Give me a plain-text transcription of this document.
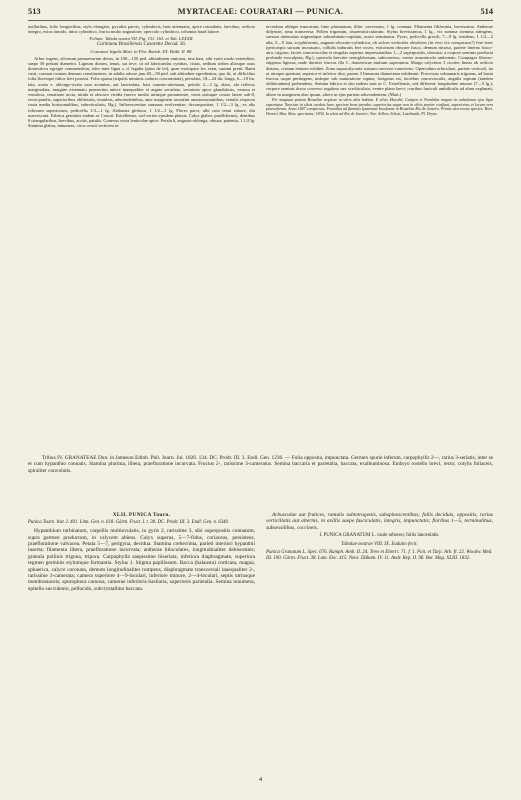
513	MYRTACEAE: COURATARI — PUNICA.	514

axillaribus, folio longioribus; stylo elongato; pyxidiis parvis, cylindricis, basi attenuatis, apice rotundatis, laevibus, orificio integro, extus tumido, intus cylindrico, fructu multo angustiore; operculo cylindrico, columna haud latiore.

Folium: Tabula nostra VII. Fig. 151. 163. et Tab. LXXXII.

Cariniana Brasiliensis Casaretto Decad. 36.

Couratari legalis Mart. in Flor. Ratisb. XX. Beibl. II. 88.

Arbor ingens, silvarum primaevarum decus, in 100—150 ped. altitudinem emicans, ima basi, sibi vario modo extenditur, saepe 30 pedum diametro. Lignum durum, tenax, sat leve, ut ad fabricandas cymbas, cistas, aedium trabes aliosque usus domesticos egregie commendetur, ideo inter ligna s. d. legalia (páos de lei), quae exstirpare lex vetat, summi pretii. Rami vasti, comam ovatam densam constituentes, in adulta arbore jam 40—50 ped. sub altitudine egredientur, quo fit, ut difficilius folia floresque fultos fieri possint. Folia sparsa (stipulis minimis caducis concomitata), petiolata, 18—24 lin. longa, 6—10 lin. lata, ovata v. oblongo-ovata cum acumine, aut lanceolata, basi cuneato-attenuata, petiolo 2—3 lg. alato, ala reflexa; marginulata, margine extenuato praesertim antice inaequaliter et argute serrulato, serraturis apice glandulosis, venosa et venulosa, venatione arcta, nitida et obscure viridia (nervo medio utrinque prominente; venis utrinque costae latere sub-8, recto-patulis, superioribus obliteratis, tenuibus, adscendentibus, ante marginem arcuatim anastomosantibus; venulis respectu costa media horizontalibus, subreticulatis; Hg.). Inflorescentiae summas evolventiae, decompositae, 1 1/2—3 lg., ex alis foliorum superiorum; pedicellis 1/3—1 lg. Alabastra globosa, 1 1/2—1 lg. Flores parvi, albi cum tenui rubore, diu marcescunt. Fabrica germinis eadem ac Courat. Estrellensis, sed vertex ejusdem planus. Calyx glaber, patelliformis, dentibus 6 triangularibus, brevibus, acutis, patulis. Conexus extra lenticulae apice. Petala 6, angusto-oblonga, obtusa, patentia, 1 1/2 lg. Stamina glabra, innumera, circa ovarii verticem in

urceolum oblique truncatum, bino plasmatum, illinc convexum, 1 lg. connata. Filamenta filiformia, brevissima. Antherae didymae, rima transversa. Pollen trigonum, trisaemicircularum. Stylus brevissimus, 1 lg., vix summa stemina attingens, sursum attenuatus stigmatique subturbinato-capitato, acuto terminatus. Pyxis, pedicello gracili, 7—9 lg. insidens, 1 1/2—2 alta, 5—9 lata, scyphiformis, angusto-obovato-cylindrica, ob sulcos verticales obsoletos (in vivo vix conspicuos?) fere teres (pericarpio sursum incrassato, collulis induratis fere osseo, extrorsum obscure fusco, demum rimoso, pariete interno fusco-atro, trigono; facies concavisculas et singulas superne impressionibus 1—2 superpositis, obovata; a corpore seminis producta profunde exsculptas; Hg.); operculo breviter semiglobosum, subconvexo, centro acuminculo umbonato. Compages fibroso-stipposa lignosa, unde durities fructus illa C. domesticae multum superantur. Margo calycinus 3 circiter lineas ab orificio distans, cristam tenuem exhibet. Zona supracalycaria sursum convexo-connivens. Operculum orbiculare, pariete verticali, ita ut utraque apertura, superior et inferior dice, parem 3 linearum diametrum exhibeant. Processus columnaris trigonus, ad basin fructus usque pertingens, indeque sub maturatione ruptus; lavigatus est, faciebus concavisculis, angulis septum (tandem obliterantem) prehendens. Semina fabrica et situ eadem sunt ac C. Estrellensis, sed different: longitudine minore (7—9 lg.); corpore seminis dorso convexo rugaloso nec scrobiculato, ventre plano laevi; cruribus funiculi umbilicalis ad alam explanati, altero in marginem alae ipsam, altero in ejus partem adscendentem. (Mart.)

Per magnam partem Brasiliae tropicae in silvis altis habitat. E silvis Macuhé, Campos et Parahiba magna vis tabularum ejus ligni exportatur. Nascitur in silvis caeduis haec speciem bene peredat; superiorius atque non in silvis pariter confiunt, superiorius et locum vero praeseferunt. Anno 1847 conspicuus. Fructibus ad fluminis Ipanemae Insulanae in Brasiliae Rio de Janeiro. Primis mox novae species. Hort. Henrici Mus. Bras. specimine, 1834. In silvis ad Rio de Janeiro: Nee. Sellow, Schott, Luschnath, Pl. Dryas.

Tribus IV. GRANATEAE Don. in Jameson Edinb. Phil. Journ. Jul. 1826. 134. DC. Prodr. III. 3. Endl. Gen. 1236. — Folia opposita, impunctata. Germen spurie inferum, carpophyllis 2—, rarius 3-seriatis, inter se et cum hypanthio connatis. Stamina plurima, libera, praefloratione incurvata. Fructus 2-, rarissime 3-cameratus. Semina baccaria et parietalia, baccata, exalbuminosa. Embryo rostello brevi, recto; cotylis foliaceis, spiraliter convolutis.

XLII. PUNICA Tourn.

Punica Tourn. Inst. I. 401. Linn. Gen. n. 618. Gärtn. Fruct. I. t. 38. DC. Prodr. III. 3. Endl. Gen. n. 6340.

Hypanthium turbinatum, carpellis multiovulatis, in gyris 2, rarissime 3, sibi superpositis connatum, supra germen productum, in calycem abiens. Calyx superus, 5—7-fidus, coriaceus, persistens, praefloratione valvacea. Petala 5—7, perigyna, decidua. Stamina creberrima, parieti interiori hypanthii inserta; filamenta libera, praefloratione incurvata; antherae biloculares, longitudinaliter dehiscentes; granula pollinis trigona, tripora. Carpophylla saepissime biseriata, inferiora diaphragmate, superiora tegmen germinis stylumque formantia. Stylus 1. Stigma papillosum. Bacca (balausta) corticata, magna, sphaerica, calyce coronata, demum longitudinaliter rumpens, diaphragmate transversali inaequaliter 2-, rarissime 3-camerata; camera superiore 4—9-loculari, inferiore minore, 2—4-loculari, septis utriusque membranaceis; sporophora carnosa, camerae inferioris basilaria, superioris parietalia. Semina innumera, epitelio succulento, pellucido, subcrystallino baccata.

Arbusculae aut frutices, ramulis subtetragonis, subspinescentibus; foliis deciduis, oppositis, rarius verticillatis aut alternis, in axillis saepe fasciculatis, integris, impunctatis; floribus 1—5, terminalibus, subsessilibus, coccineis.

I. PUNICA GRANATUM L. caule arboreo; foliis lanceolatis.

Tabulae nostrae VIII. IX. Eadutio fecit.

Punica Granatum L. Spec. 676. Rumph. Amb. II. 24. Trew et Ehret t. 71. f. 1. Poit. et Turp. Arb. fr. 22. Woodw. Med. III. 190. Gärtn. Fruct. 38. Lam. Enc. 415. Nees. Düham. IV. 11. Andr. Rep. II. 96. Bot. Mag. XLIII. 1832.

4
